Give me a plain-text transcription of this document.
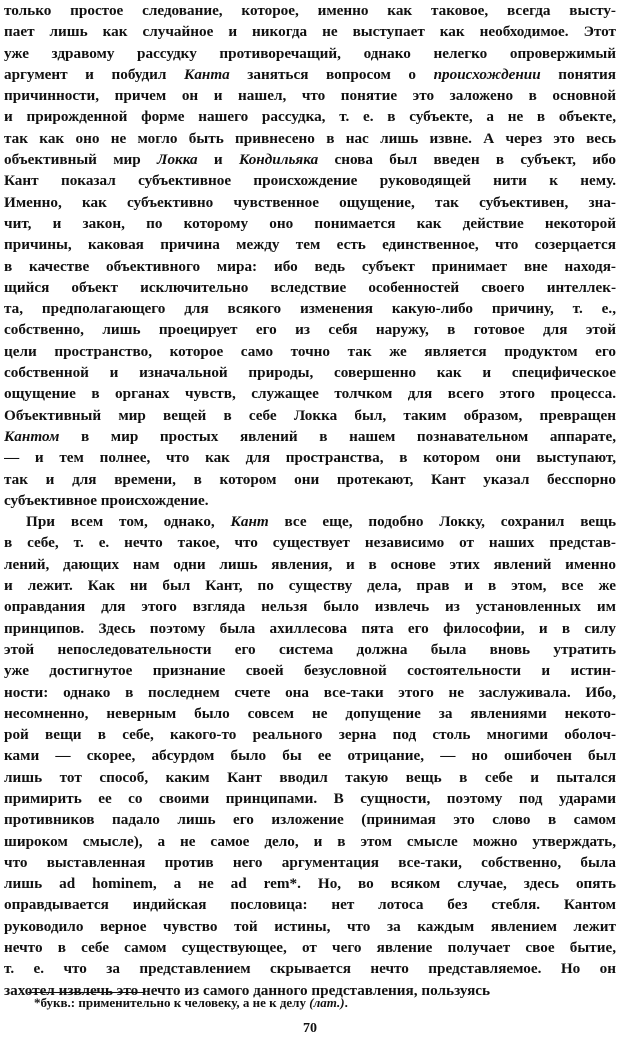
только простое следование, которое, именно как таковое, всегда высту-
пает лишь как случайное и никогда не выступает как необходимое. Этот
уже здравому рассудку противоречащий, однако нелегко опровержимый
аргумент и побудил Канта заняться вопросом о происхождении понятия
причинности, причем он и нашел, что понятие это заложено в основной
и прирожденной форме нашего рассудка, т. е. в субъекте, а не в объекте,
так как оно не могло быть привнесено в нас лишь извне. А через это весь
объективный мир Локка и Кондильяка снова был введен в субъект, ибо
Кант показал субъективное происхождение руководящей нити к нему.
Именно, как субъективно чувственное ощущение, так субъективен, зна-
чит, и закон, по которому оно понимается как действие некоторой
причины, каковая причина между тем есть единственное, что созерцается
в качестве объективного мира: ибо ведь субъект принимает вне находя-
щийся объект исключительно вследствие особенностей своего интеллек-
та, предполагающего для всякого изменения какую-либо причину, т. е.,
собственно, лишь проецирует его из себя наружу, в готовое для этой
цели пространство, которое само точно так же является продуктом его
собственной и изначальной природы, совершенно как и специфическое
ощущение в органах чувств, служащее толчком для всего этого процесса.
Объективный мир вещей в себе Локка был, таким образом, превращен
Кантом в мир простых явлений в нашем познавательном аппарате,
— и тем полнее, что как для пространства, в котором они выступают,
так и для времени, в котором они протекают, Кант указал бесспорно
субъективное происхождение.
При всем том, однако, Кант все еще, подобно Локку, сохранил вещь
в себе, т. е. нечто такое, что существует независимо от наших представ-
лений, дающих нам одни лишь явления, и в основе этих явлений именно
и лежит. Как ни был Кант, по существу дела, прав и в этом, все же
оправдания для этого взгляда нельзя было извлечь из установленных им
принципов. Здесь поэтому была ахиллесова пята его философии, и в силу
этой непоследовательности его система должна была вновь утратить
уже достигнутое признание своей безусловной состоятельности и истин-
ности: однако в последнем счете она все-таки этого не заслуживала. Ибо,
несомненно, неверным было совсем не допущение за явлениями некото-
рой вещи в себе, какого-то реального зерна под столь многими оболоч-
ками — скорее, абсурдом было бы ее отрицание, — но ошибочен был
лишь тот способ, каким Кант вводил такую вещь в себе и пытался
примирить ее со своими принципами. В сущности, поэтому под ударами
противников падало лишь его изложение (принимая это слово в самом
широком смысле), а не самое дело, и в этом смысле можно утверждать,
что выставленная против него аргументация все-таки, собственно, была
лишь ad hominem, а не ad rem*. Но, во всяком случае, здесь опять
оправдывается индийская пословица: нет лотоса без стебля. Кантом
руководило верное чувство той истины, что за каждым явлением лежит
нечто в себе самом существующее, от чего явление получает свое бытие,
т. е. что за представлением скрывается нечто представляемое. Но он
захотел извлечь это нечто из самого данного представления, пользуясь
*букв.: применительно к человеку, а не к делу (лат.).
70
